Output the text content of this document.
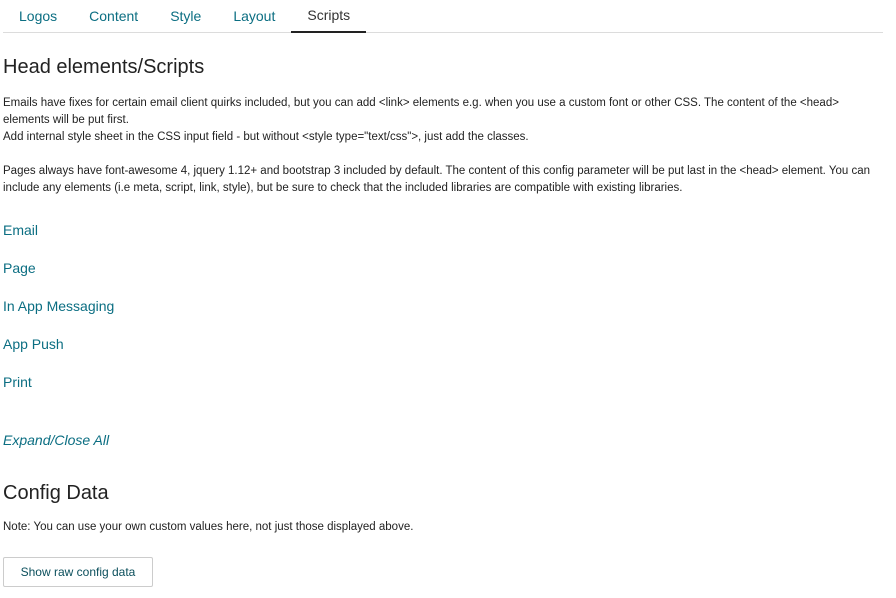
Logos	Content	Style	Layout	Scripts
Head elements/Scripts

Emails have fixes for certain email client quirks included, but you can add <link> elements e.g. when you use a custom font or other CSS. The content of the <head>

elements will be put first.

Add internal style sheet in the CSS input field - but without <style type="text/css">, just add the classes.

Pages always have font-awesome 4, jquery 1.12+ and bootstrap 3 included by default. The content of this config parameter will be put last in the <head> element. You can include any elements (i.e meta, script, link, style), but be sure to check that the included libraries are compatible with existing libraries.

Email
Page
In App Messaging
App Push
Print
Expand/Close All
Config Data

Note: You can use your own custom values here, not just those displayed above.

Show raw config data
